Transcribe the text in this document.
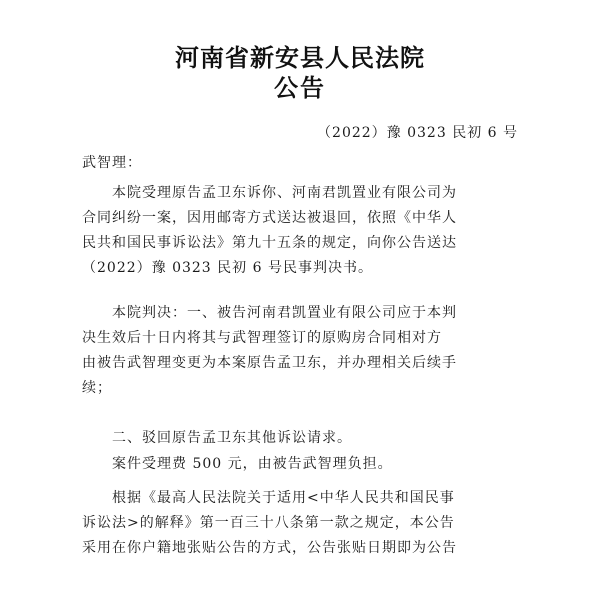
河南省新安县人民法院
公告
（2022）豫 0323 民初 6 号
武智理：

　　本院受理原告孟卫东诉你、河南君凯置业有限公司为
合同纠纷一案，因用邮寄方式送达被退回，依照《中华人
民共和国民事诉讼法》第九十五条的规定，向你公告送达
（2022）豫 0323 民初 6 号民事判决书。

　　本院判决：一、被告河南君凯置业有限公司应于本判
决生效后十日内将其与武智理签订的原购房合同相对方
由被告武智理变更为本案原告孟卫东，并办理相关后续手
续；

　　二、驳回原告孟卫东其他诉讼请求。

　　案件受理费 500 元，由被告武智理负担。

　　根据《最高人民法院关于适用<中华人民共和国民事
诉讼法>的解释》第一百三十八条第一款之规定，本公告
采用在你户籍地张贴公告的方式，公告张贴日期即为公告
